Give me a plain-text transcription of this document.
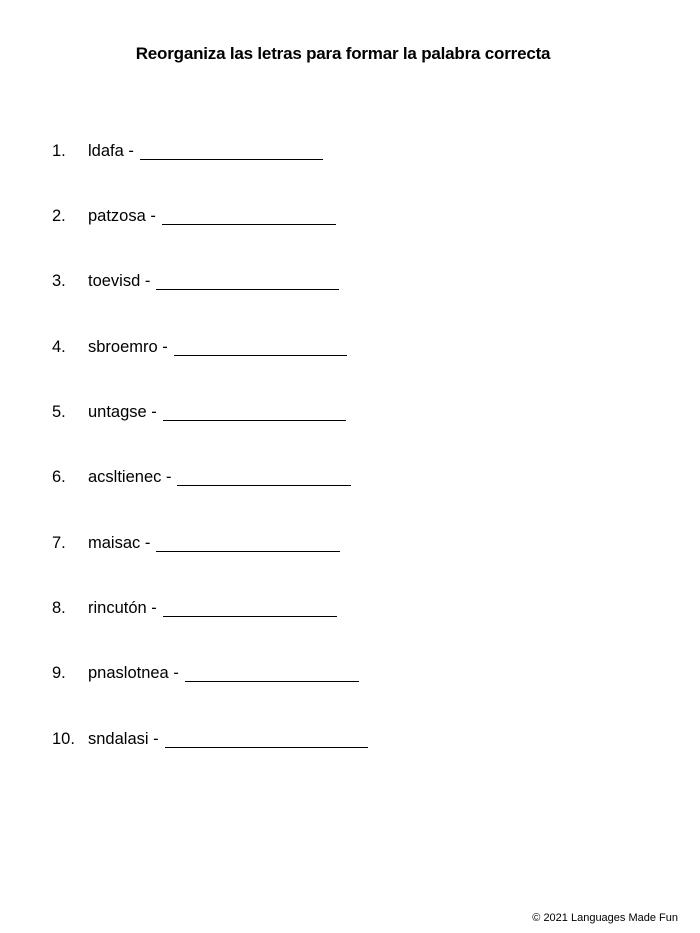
Reorganiza las letras para formar la palabra correcta
1. ldafa -
2. patzosa -
3. toevisd -
4. sbroemro -
5. untagse -
6. acsltienec -
7. maisac -
8. rincutón -
9. pnaslotnea -
10. sndalasi -
© 2021 Languages Made Fun
